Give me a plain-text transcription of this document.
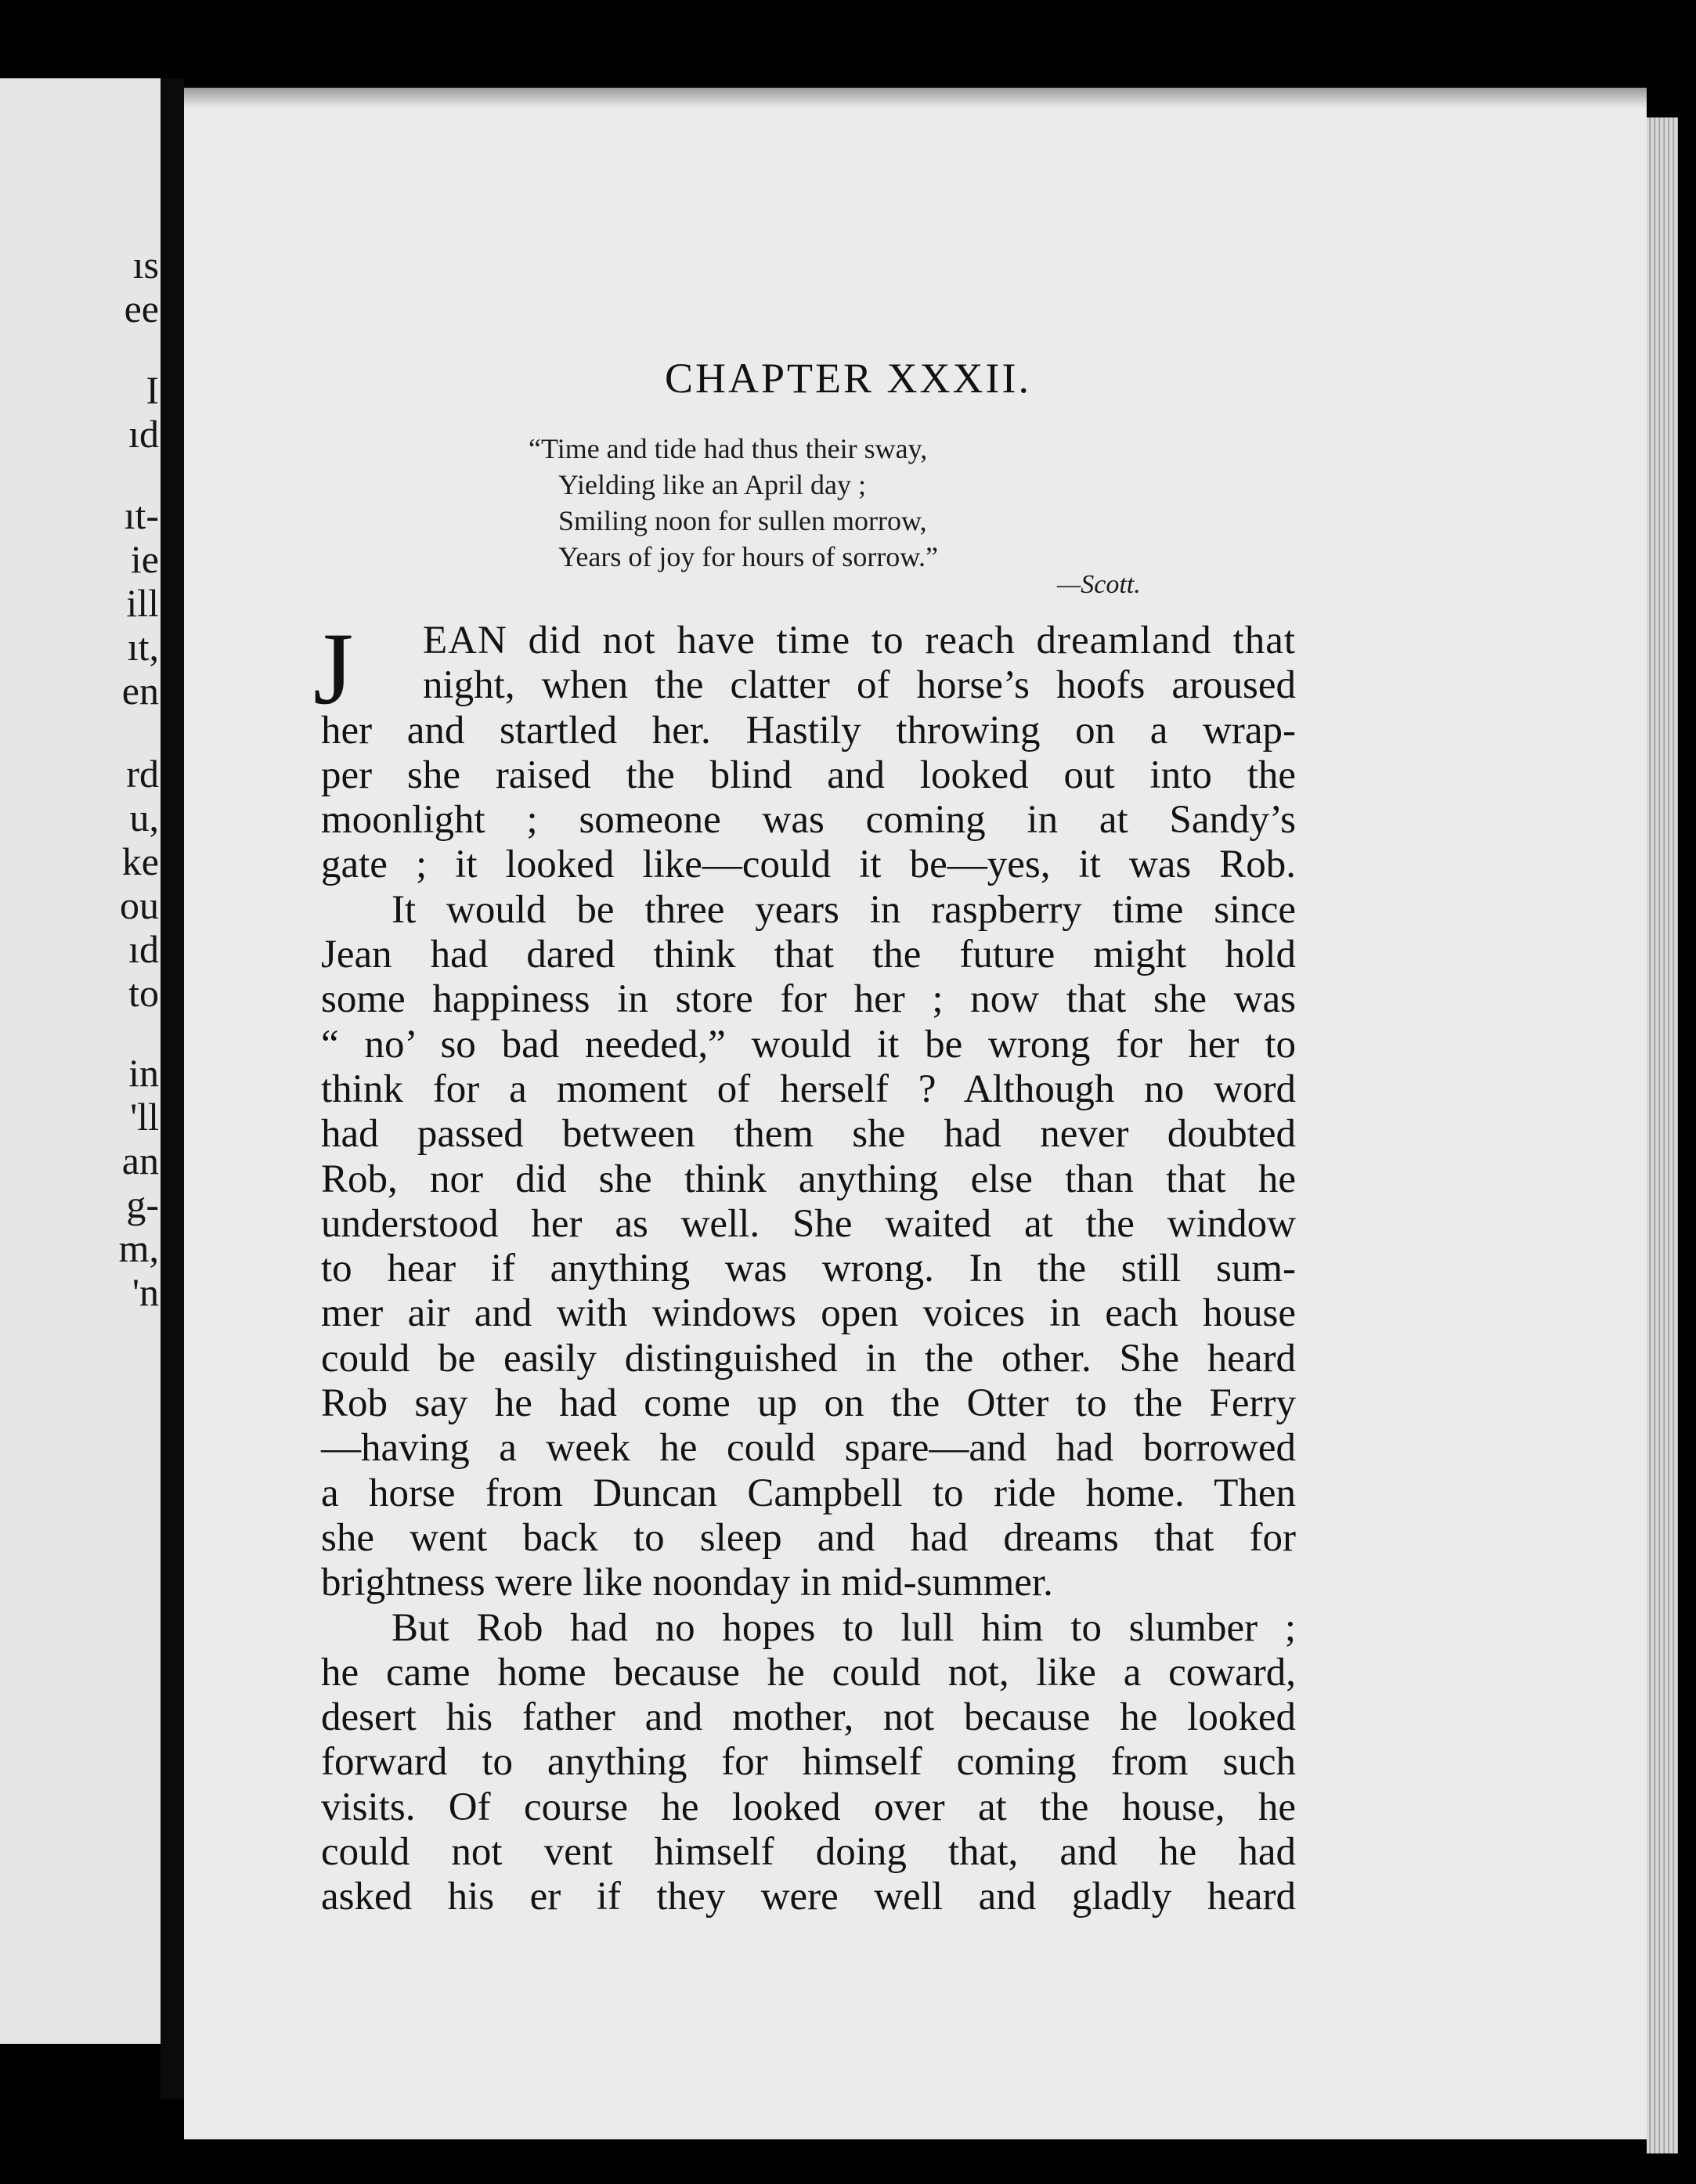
ıs
ee
I
ıd
ıt-
ie
ill
ıt,
en
rd
u,
ke
ou
ıd
to
in
'll
an
g-
m,
'n
CHAPTER XXXII.
“Time and tide had thus their sway,
Yielding like an April day ;
Smiling noon for sullen morrow,
Years of joy for hours of sorrow.”
—Scott.
J	EAN did not have time to reach dreamland that
night, when the clatter of horse’s hoofs aroused
her and startled her. Hastily throwing on a wrap-
per she raised the blind and looked out into the
moonlight ; someone was coming in at Sandy’s
gate ; it looked like—could it be—yes, it was Rob.
It would be three years in raspberry time since
Jean had dared think that the future might hold
some happiness in store for her ; now that she was
“ no’ so bad needed,” would it be wrong for her to
think for a moment of herself ? Although no word
had passed between them she had never doubted
Rob, nor did she think anything else than that he
understood her as well. She waited at the window
to hear if anything was wrong. In the still sum-
mer air and with windows open voices in each house
could be easily distinguished in the other. She heard
Rob say he had come up on the Otter to the Ferry
—having a week he could spare—and had borrowed
a horse from Duncan Campbell to ride home. Then
she went back to sleep and had dreams that for
brightness were like noonday in mid-summer.
But Rob had no hopes to lull him to slumber ;
he came home because he could not, like a coward,
desert his father and mother, not because he looked
forward to anything for himself coming from such
visits. Of course he looked over at the house, he
could not vent himself doing that, and he had
asked his er if they were well and gladly heard
